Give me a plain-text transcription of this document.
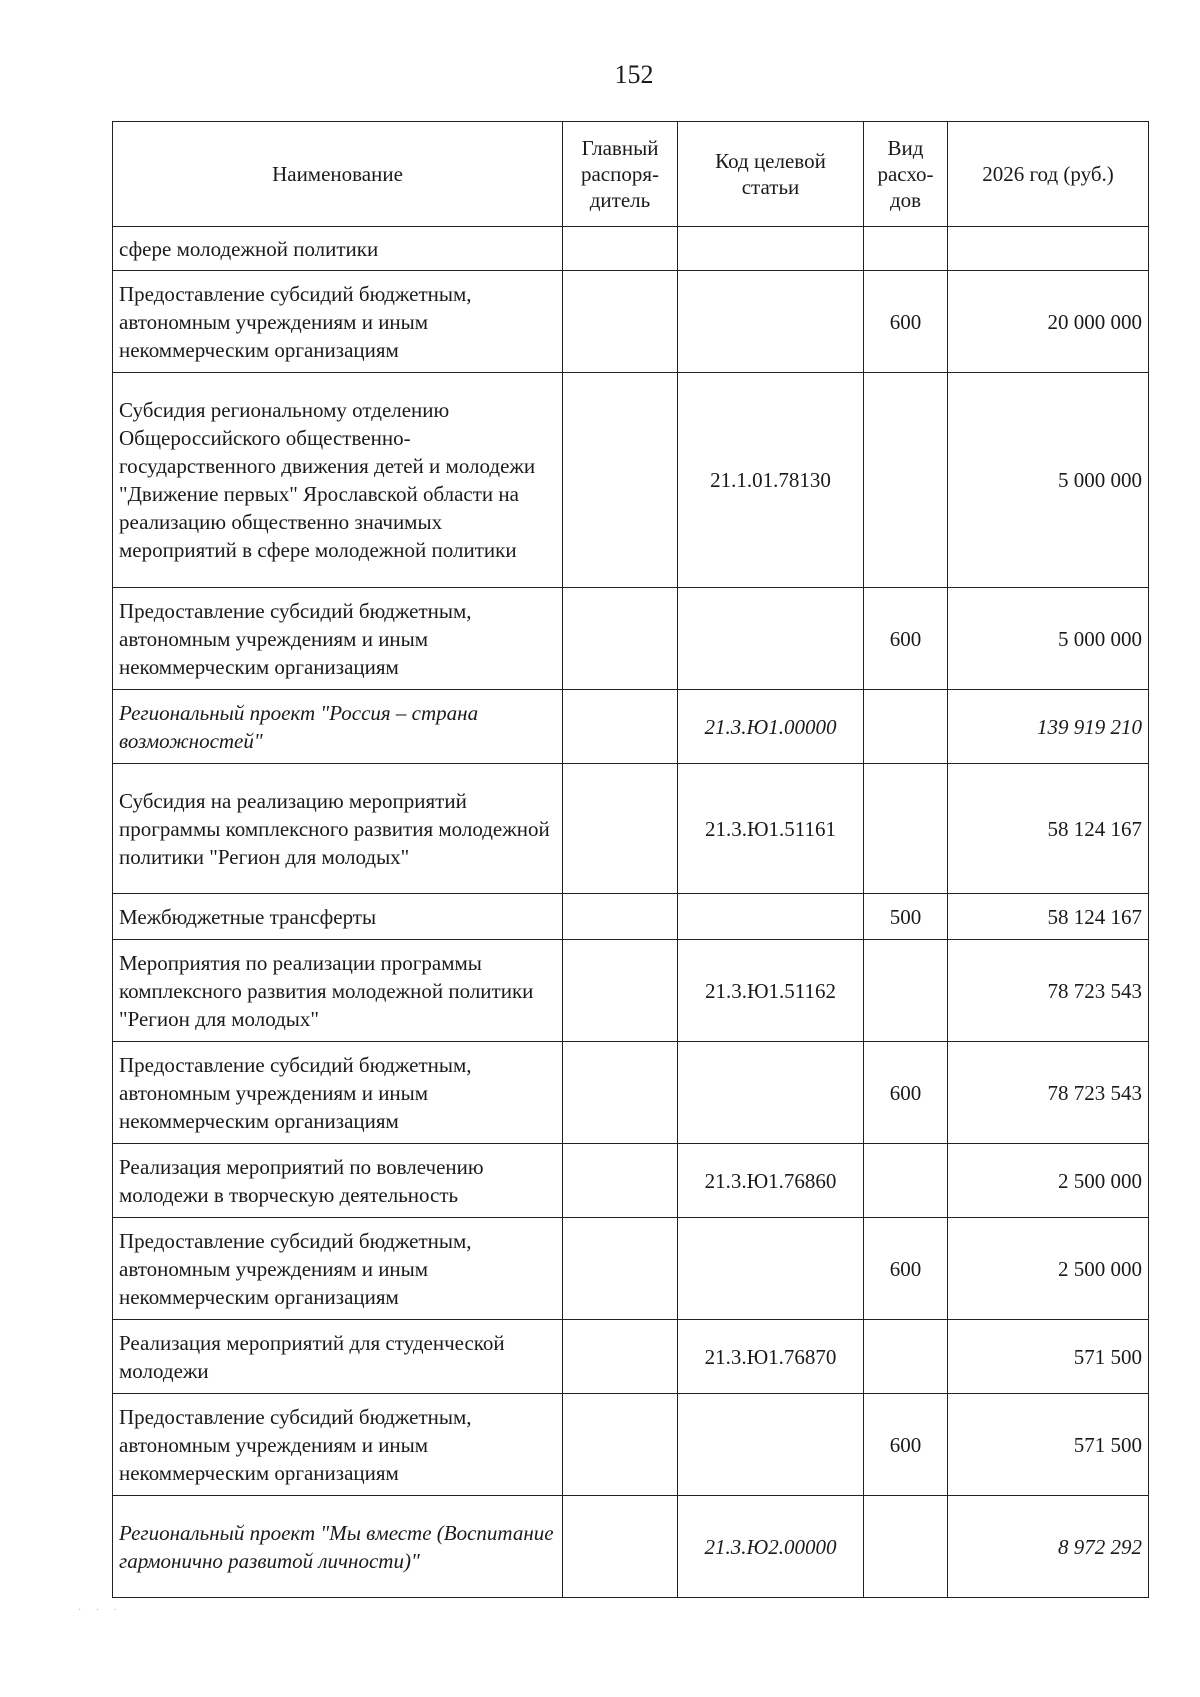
152
Наименование	Главный распоря-дитель	Код целевой статьи	Вид расхо-дов	2026 год (руб.)
сфере молодежной политики				
Предоставление субсидий бюджетным, автономным учреждениям и иным некоммерческим организациям			600	20 000 000
Субсидия региональному отделению Общероссийского общественно-государственного движения детей и молодежи "Движение первых" Ярославской области на реализацию общественно значимых мероприятий в сфере молодежной политики		21.1.01.78130		5 000 000
Предоставление субсидий бюджетным, автономным учреждениям и иным некоммерческим организациям			600	5 000 000
Региональный проект "Россия – страна возможностей"		21.3.Ю1.00000		139 919 210
Субсидия на реализацию мероприятий программы комплексного развития молодежной политики "Регион для молодых"		21.3.Ю1.51161		58 124 167
Межбюджетные трансферты			500	58 124 167
Мероприятия по реализации программы комплексного развития молодежной политики "Регион для молодых"		21.3.Ю1.51162		78 723 543
Предоставление субсидий бюджетным, автономным учреждениям и иным некоммерческим организациям			600	78 723 543
Реализация мероприятий по вовлечению молодежи в творческую деятельность		21.3.Ю1.76860		2 500 000
Предоставление субсидий бюджетным, автономным учреждениям и иным некоммерческим организациям			600	2 500 000
Реализация мероприятий для студенческой молодежи		21.3.Ю1.76870		571 500
Предоставление субсидий бюджетным, автономным учреждениям и иным некоммерческим организациям			600	571 500
Региональный проект "Мы вместе (Воспитание гармонично развитой личности)"		21.3.Ю2.00000		8 972 292
· · ·
